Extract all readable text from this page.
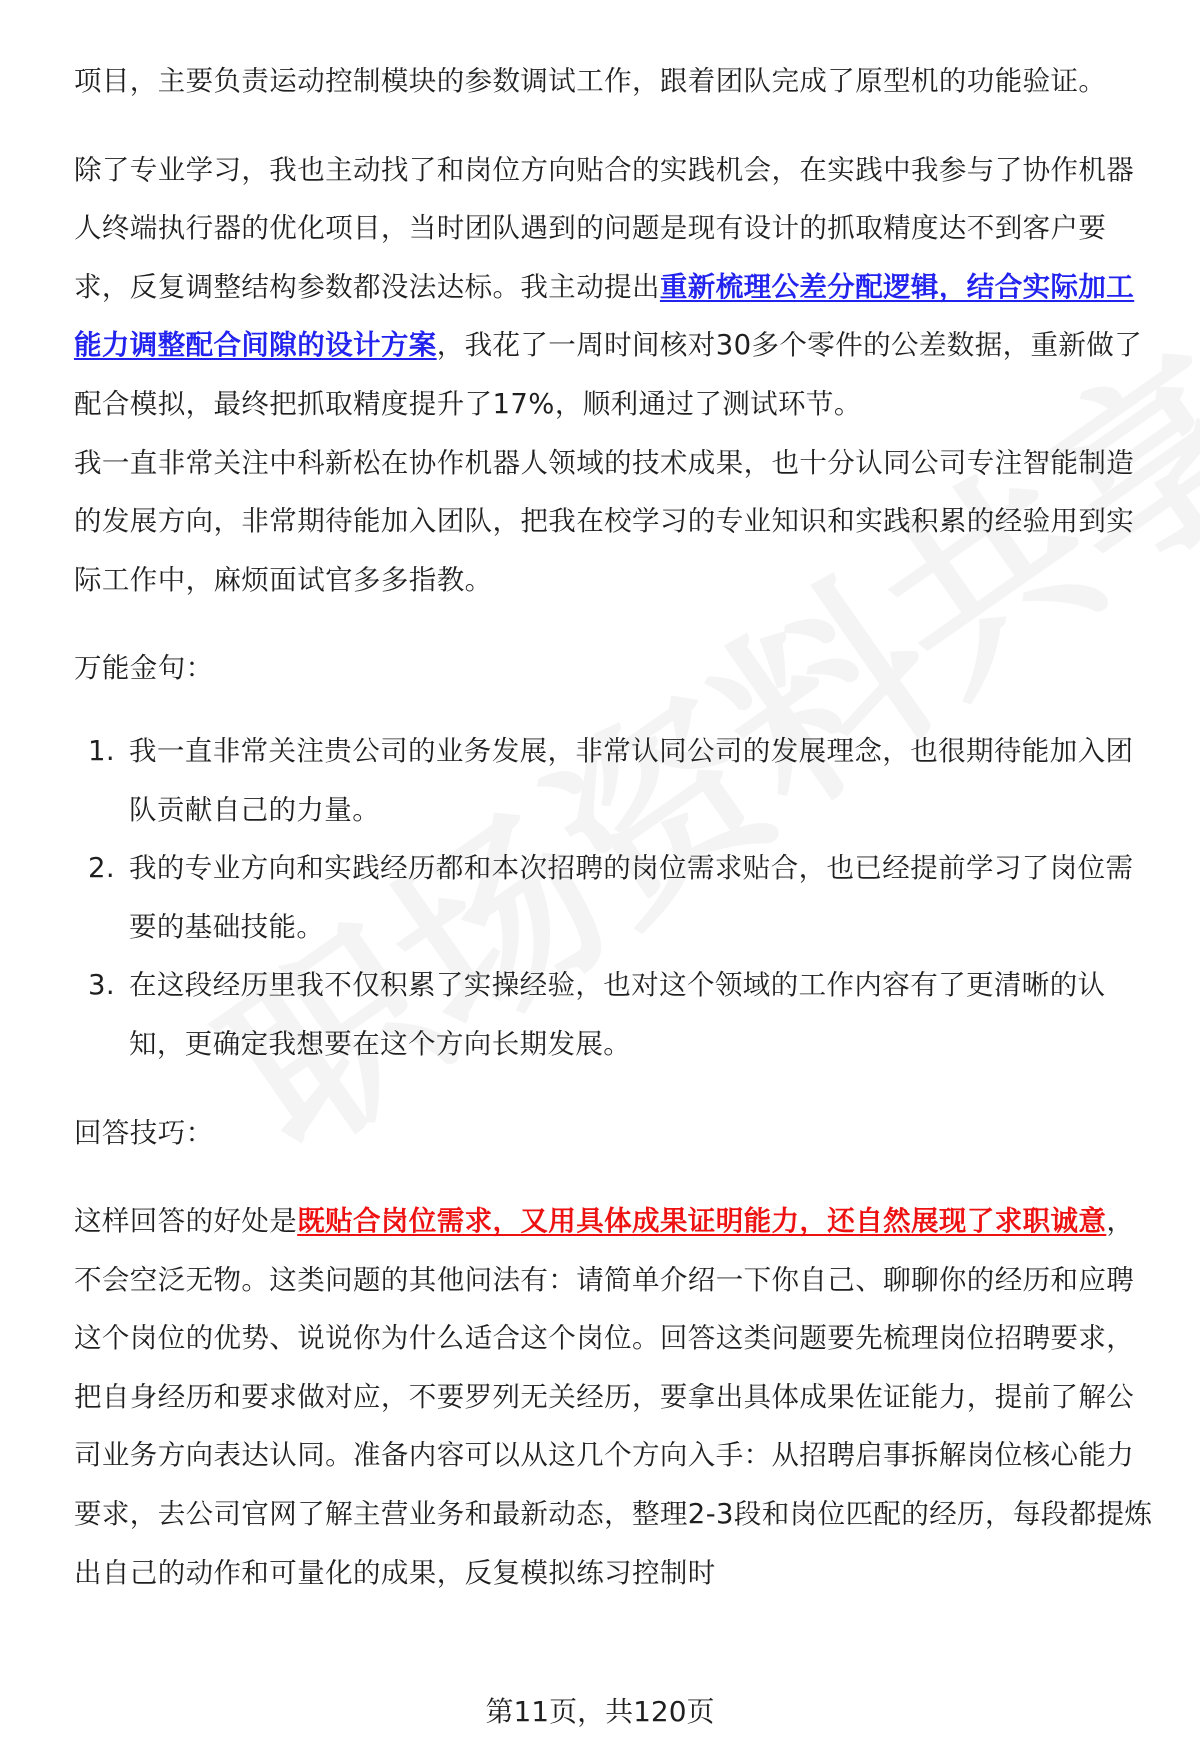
项目，主要负责运动控制模块的参数调试工作，跟着团队完成了原型机的功能验证。

除了专业学习，我也主动找了和岗位方向贴合的实践机会，在实践中我参与了协作机器人终端执行器的优化项目，当时团队遇到的问题是现有设计的抓取精度达不到客户要求，反复调整结构参数都没法达标。我主动提出重新梳理公差分配逻辑，结合实际加工能力调整配合间隙的设计方案，我花了一周时间核对30多个零件的公差数据，重新做了配合模拟，最终把抓取精度提升了17%，顺利通过了测试环节。

我一直非常关注中科新松在协作机器人领域的技术成果，也十分认同公司专注智能制造的发展方向，非常期待能加入团队，把我在校学习的专业知识和实践积累的经验用到实际工作中，麻烦面试官多多指教。

万能金句：

1. 我一直非常关注贵公司的业务发展，非常认同公司的发展理念，也很期待能加入团队贡献自己的力量。
2. 我的专业方向和实践经历都和本次招聘的岗位需求贴合，也已经提前学习了岗位需要的基础技能。
3. 在这段经历里我不仅积累了实操经验，也对这个领域的工作内容有了更清晰的认知，更确定我想要在这个方向长期发展。

回答技巧：

这样回答的好处是既贴合岗位需求，又用具体成果证明能力，还自然展现了求职诚意，不会空泛无物。这类问题的其他问法有：请简单介绍一下你自己、聊聊你的经历和应聘这个岗位的优势、说说你为什么适合这个岗位。回答这类问题要先梳理岗位招聘要求，把自身经历和要求做对应，不要罗列无关经历，要拿出具体成果佐证能力，提前了解公司业务方向表达认同。准备内容可以从这几个方向入手：从招聘启事拆解岗位核心能力要求，去公司官网了解主营业务和最新动态，整理2-3段和岗位匹配的经历，每段都提炼出自己的动作和可量化的成果，反复模拟练习控制时

第11页，共120页
